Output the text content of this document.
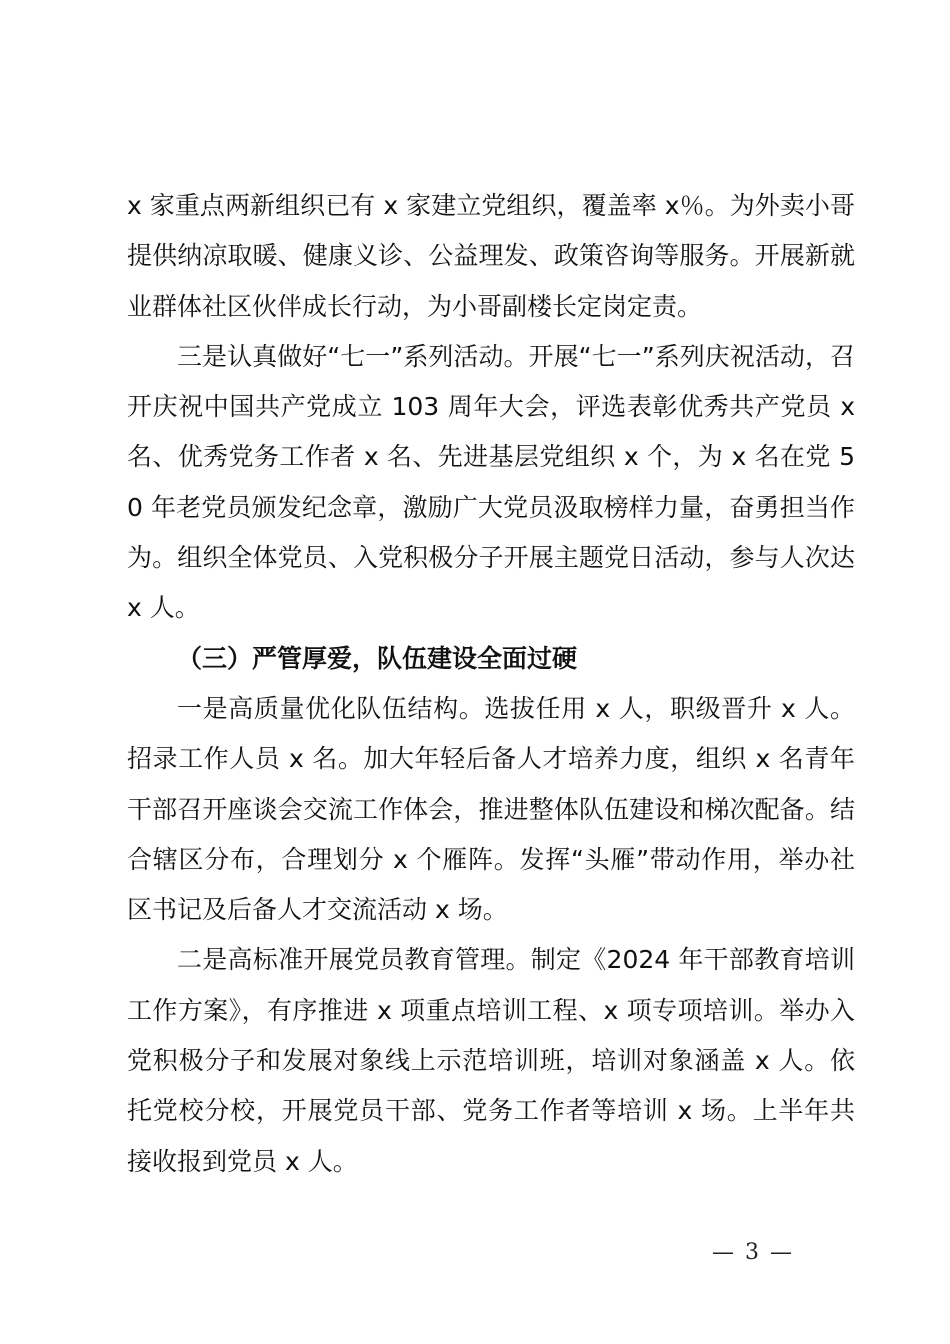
x 家重点两新组织已有 x 家建立党组织，覆盖率 x％。为外卖小哥提供纳凉取暖、健康义诊、公益理发、政策咨询等服务。开展新就业群体社区伙伴成长行动，为小哥副楼长定岗定责。

三是认真做好“七一”系列活动。开展“七一”系列庆祝活动，召开庆祝中国共产党成立 103 周年大会，评选表彰优秀共产党员 x 名、优秀党务工作者 x 名、先进基层党组织 x 个，为 x 名在党 50 年老党员颁发纪念章，激励广大党员汲取榜样力量，奋勇担当作为。组织全体党员、入党积极分子开展主题党日活动，参与人次达 x 人。

（三）严管厚爱，队伍建设全面过硬

一是高质量优化队伍结构。选拔任用 x 人，职级晋升 x 人。招录工作人员 x 名。加大年轻后备人才培养力度，组织 x 名青年干部召开座谈会交流工作体会，推进整体队伍建设和梯次配备。结合辖区分布，合理划分 x 个雁阵。发挥“头雁”带动作用，举办社区书记及后备人才交流活动 x 场。

二是高标准开展党员教育管理。制定《2024 年干部教育培训工作方案》，有序推进 x 项重点培训工程、x 项专项培训。举办入党积极分子和发展对象线上示范培训班，培训对象涵盖 x 人。依托党校分校，开展党员干部、党务工作者等培训 x 场。上半年共接收报到党员 x 人。

— 3 —
